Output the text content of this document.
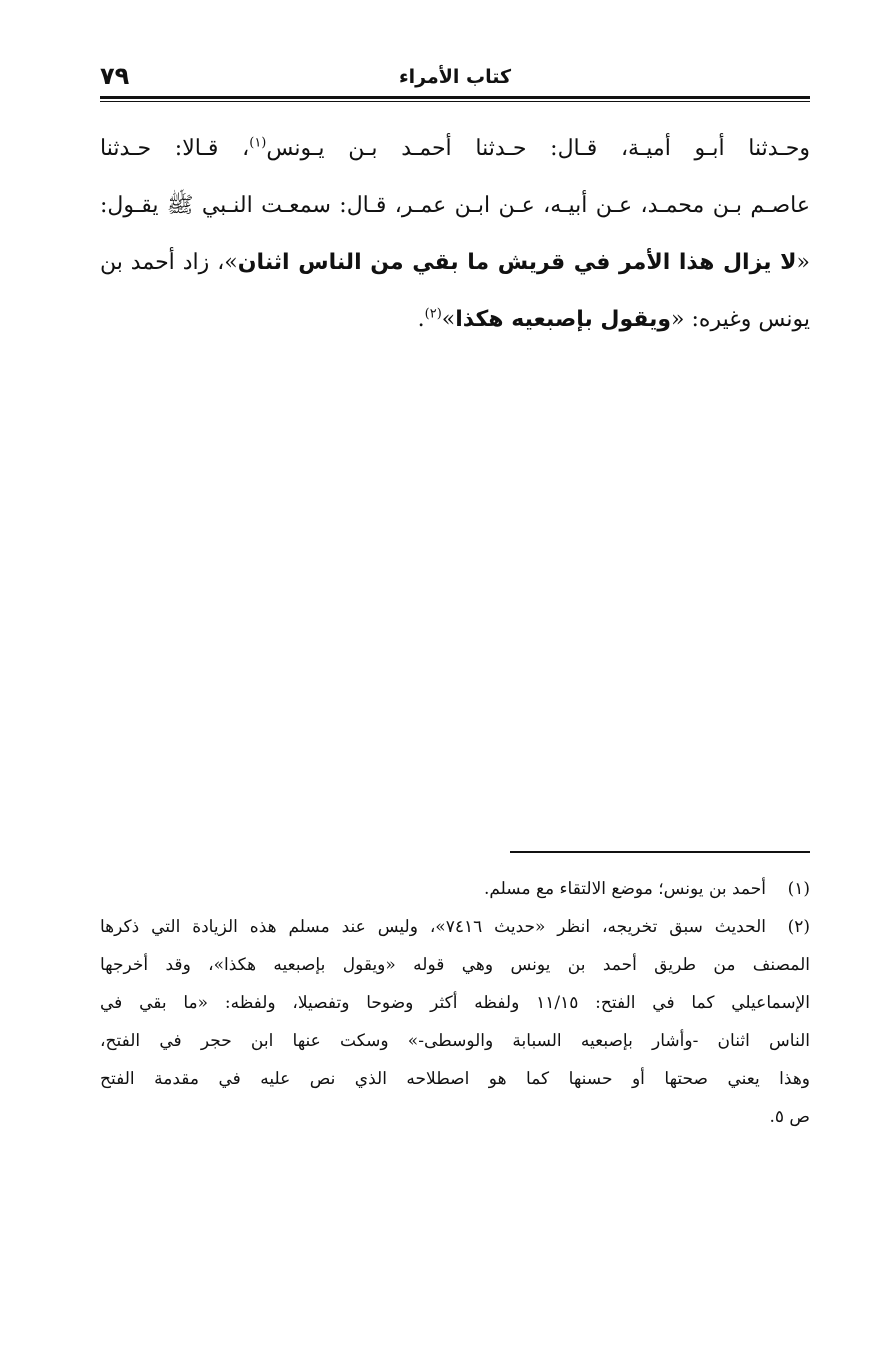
٧٩	كتاب الأمراء
وحـدثنا أبـو أميـة، قـال: حـدثنا أحمـد بـن يـونس$^{(١)}$، قـالا: حـدثنا
عاصـم بـن محمـد، عـن أبيـه، عـن ابـن عمـر، قـال: سمعـت النـبي ﷺ يقـول:
«لا يزال هذا الأمر في قريش ما بقي من الناس اثنان»، زاد أحمد بن
يونس وغيره: «ويقول بإصبعيه هكذا»$^{(٢)}$.
(١)
أحمد بن يونس؛ موضع الالتقاء مع مسلم.
(٢)
الحديث سبق تخريجه، انظر «حديث ٧٤١٦»، وليس عند مسلم هذه الزيادة التي ذكرها
المصنف من طريق أحمد بن يونس وهي قوله «ويقول بإصبعيه هكذا»، وقد أخرجها
الإسماعيلي كما في الفتح: ١١/١٥ ولفظه أكثر وضوحا وتفصيلا، ولفظه: «ما بقي في
الناس اثنان -وأشار بإصبعيه السبابة والوسطى-» وسكت عنها ابن حجر في الفتح،
وهذا يعني صحتها أو حسنها كما هو اصطلاحه الذي نص عليه في مقدمة الفتح
ص ٥.
